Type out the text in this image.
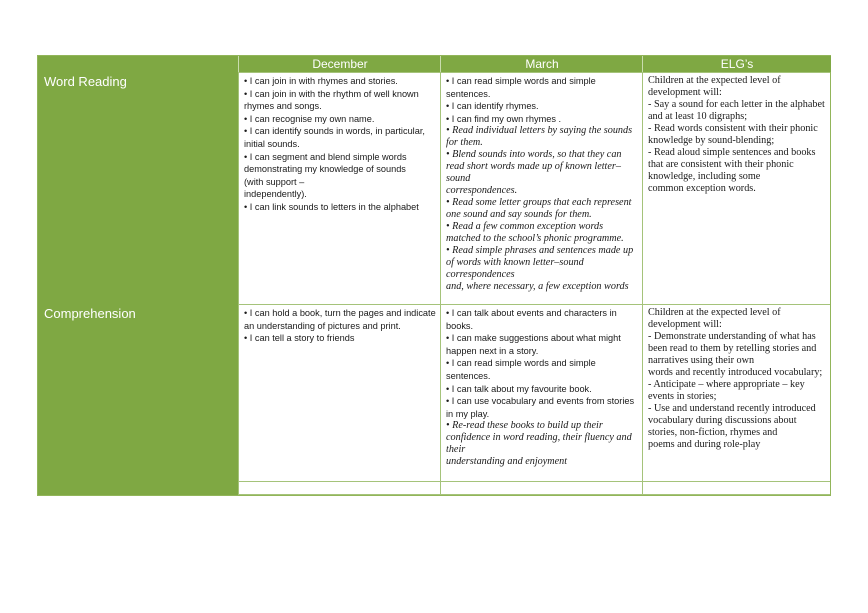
December	March	ELG’s
Word Reading
Comprehension
• I can join in with rhymes and stories.
• I can join in with the rhythm of well known rhymes and songs.
• I can recognise my own name.
• I can identify sounds in words, in particular, initial sounds.
• I can segment and blend simple words demonstrating my knowledge of sounds
(with support –
independently).
• I can link sounds to letters in the alphabet
• I can read simple words and simple sentences.
• I can identify rhymes.
• I can find my own rhymes .
• Read individual letters by saying the sounds for them.
• Blend sounds into words, so that they can read short words made up of known letter–sound
correspondences.
• Read some letter groups that each represent one sound and say sounds for them.
• Read a few common exception words matched to the school’s phonic programme.
• Read simple phrases and sentences made up of words with known letter–sound correspondences
and, where necessary, a few exception words
Children at the expected level of development will:
- Say a sound for each letter in the alphabet and at least 10 digraphs;
- Read words consistent with their phonic knowledge by sound-blending;
- Read aloud simple sentences and books that are consistent with their phonic knowledge, including some
common exception words.
• I can hold a book, turn the pages and indicate an understanding of pictures and print.
• I can tell a story to friends
• I can talk about events and characters in books.
• I can make suggestions about what might happen next in a story.
• I can read simple words and simple sentences.
• I can talk about my favourite book.
• I can use vocabulary and events from stories in my play.
• Re-read these books to build up their confidence in word reading, their fluency and their
understanding and enjoyment
Children at the expected level of development will:
- Demonstrate understanding of what has been read to them by retelling stories and narratives using their own
words and recently introduced vocabulary;
- Anticipate – where appropriate – key events in stories;
- Use and understand recently introduced vocabulary during discussions about stories, non-fiction, rhymes and
poems and during role-play
